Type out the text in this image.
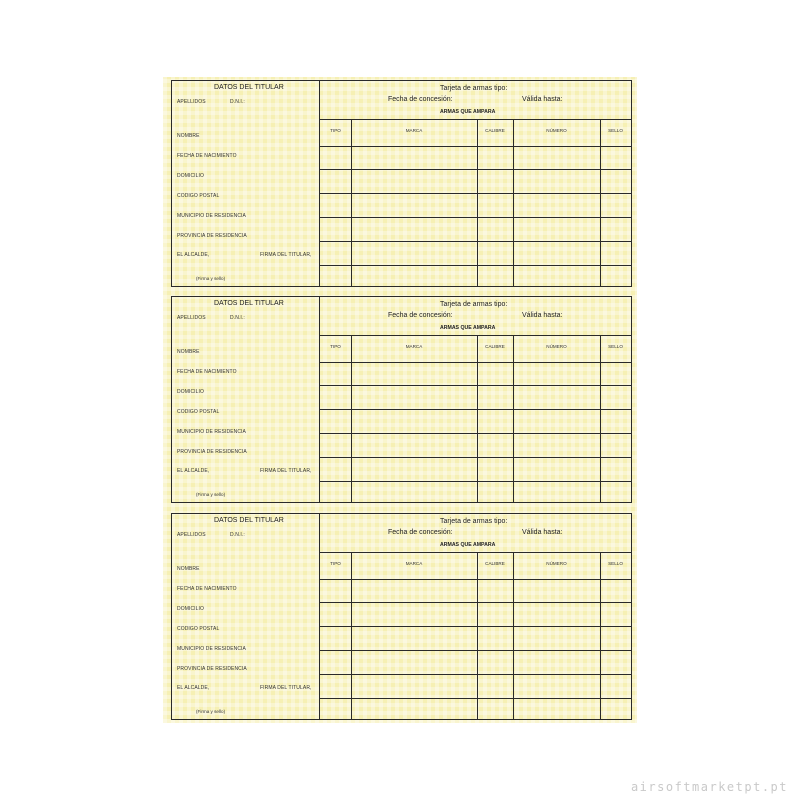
DATOS DEL TITULAR
APELLIDOS	D.N.I.:
NOMBRE
FECHA DE NACIMIENTO
DOMICILIO
CODIGO POSTAL
MUNICIPIO DE RESIDENCIA
PROVINCIA DE RESIDENCIA
EL ALCALDE,	FIRMA DEL TITULAR,
(Firma y sello)
Tarjeta de armas tipo:
Fecha de concesión:	Válida hasta:
ARMAS QUE AMPARA
TIPO	MARCA	CALIBRE	NÚMERO	SELLO
DATOS DEL TITULAR
APELLIDOS	D.N.I.:
NOMBRE
FECHA DE NACIMIENTO
DOMICILIO
CODIGO POSTAL
MUNICIPIO DE RESIDENCIA
PROVINCIA DE RESIDENCIA
EL ALCALDE,	FIRMA DEL TITULAR,
(Firma y sello)
Tarjeta de armas tipo:
Fecha de concesión:	Válida hasta:
ARMAS QUE AMPARA
TIPO	MARCA	CALIBRE	NÚMERO	SELLO
DATOS DEL TITULAR
APELLIDOS	D.N.I.:
NOMBRE
FECHA DE NACIMIENTO
DOMICILIO
CODIGO POSTAL
MUNICIPIO DE RESIDENCIA
PROVINCIA DE RESIDENCIA
EL ALCALDE,	FIRMA DEL TITULAR,
(Firma y sello)
Tarjeta de armas tipo:
Fecha de concesión:	Válida hasta:
ARMAS QUE AMPARA
TIPO	MARCA	CALIBRE	NÚMERO	SELLO
airsoftmarketpt.pt
